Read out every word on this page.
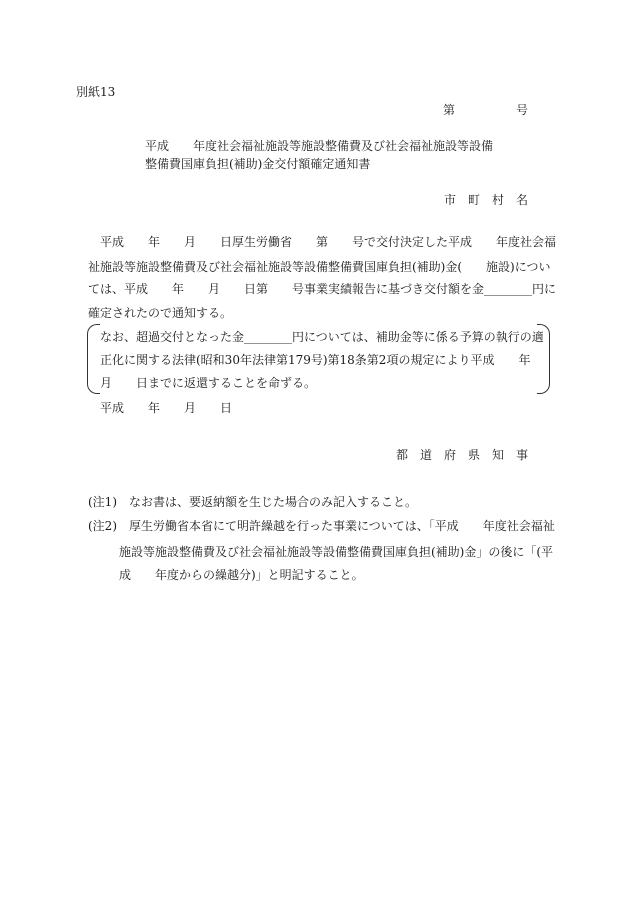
別紙13
第	号
平成　　年度社会福祉施設等施設整備費及び社会福祉施設等設備
整備費国庫負担(補助)金交付額確定通知書
市　町　村　名
平成　　年　　月　　日厚生労働省　　第　　号で交付決定した平成　　年度社会福
祉施設等施設整備費及び社会福祉施設等設備整備費国庫負担(補助)金(　　施設)につい
ては、平成　　年　　月　　日第　　号事業実績報告に基づき交付額を金________円に
確定されたので通知する。
なお、超過交付となった金________円については、補助金等に係る予算の執行の適
正化に関する法律(昭和30年法律第179号)第18条第2項の規定により平成　　年
月　　日までに返還することを命ずる。
平成　　年　　月　　日
都　道　府　県　知　事
(注1)　なお書は、要返納額を生じた場合のみ記入すること。
(注2)　厚生労働省本省にて明許繰越を行った事業については、「平成　　年度社会福祉
施設等施設整備費及び社会福祉施設等設備整備費国庫負担(補助)金」の後に「(平
成　　年度からの繰越分)」と明記すること。
